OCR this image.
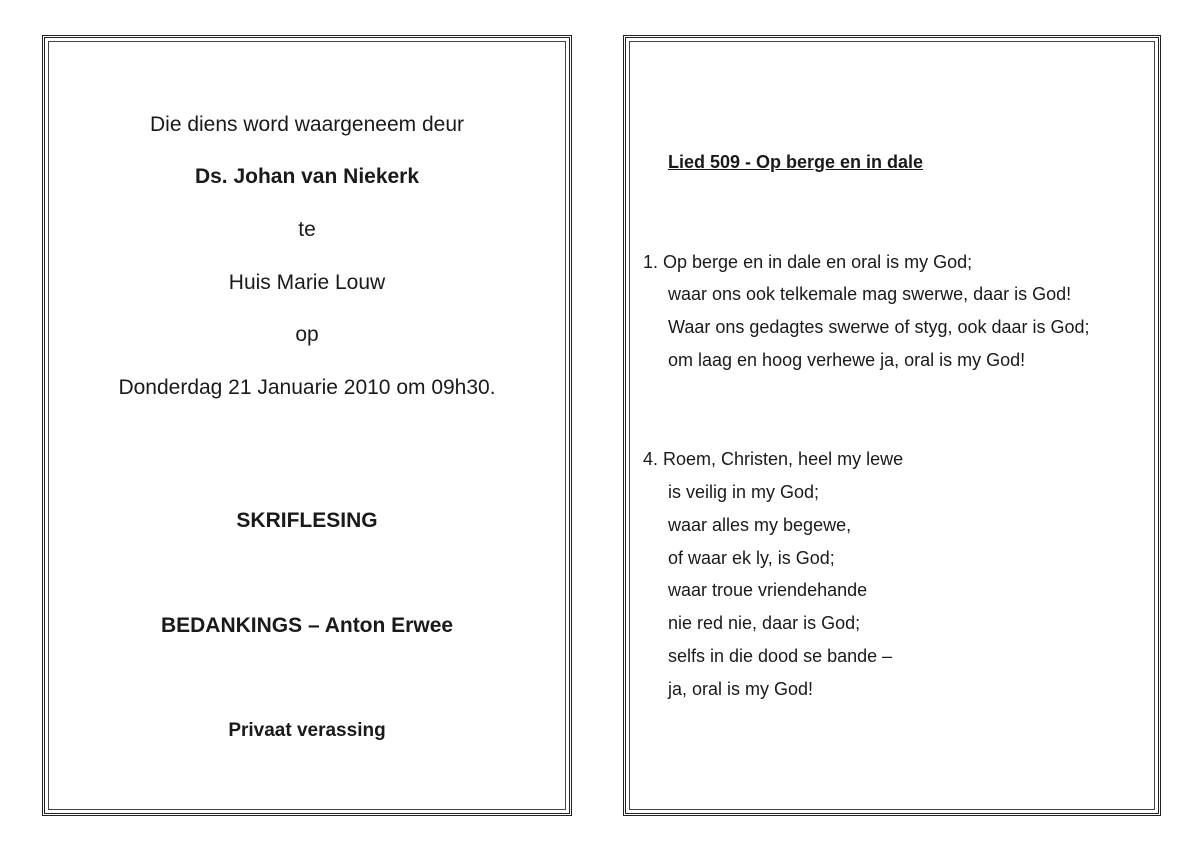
Die diens word waargeneem deur
Ds. Johan van Niekerk
te
Huis Marie Louw
op
Donderdag 21 Januarie 2010 om 09h30.
SKRIFLESING
BEDANKINGS – Anton Erwee
Privaat verassing
Lied 509 - Op berge en in dale
1. Op berge en in dale en oral is my God;
waar ons ook telkemale mag swerwe, daar is God!
Waar ons gedagtes swerwe of styg, ook daar is God;
om laag en hoog verhewe ja, oral is my God!
4. Roem, Christen, heel my lewe
is veilig in my God;
waar alles my begewe,
of waar ek ly, is God;
waar troue vriendehande
nie red nie, daar is God;
selfs in die dood se bande –
ja, oral is my God!
